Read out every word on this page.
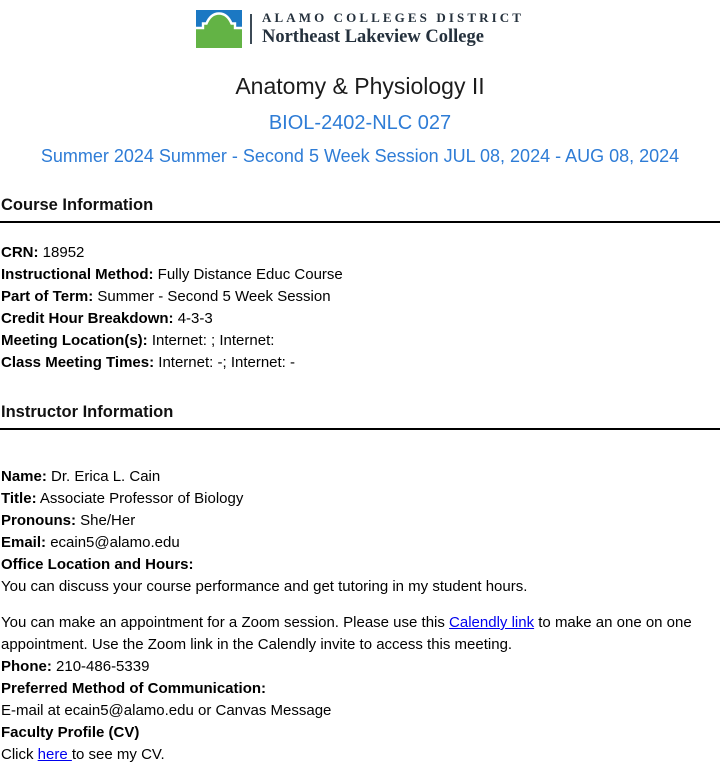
ALAMO COLLEGES DISTRICT
Northeast Lakeview College
Anatomy & Physiology II
BIOL-2402-NLC 027
Summer 2024 Summer - Second 5 Week Session JUL 08, 2024 - AUG 08, 2024
Course Information
CRN: 18952
Instructional Method: Fully Distance Educ Course
Part of Term: Summer - Second 5 Week Session
Credit Hour Breakdown: 4-3-3
Meeting Location(s): Internet: ; Internet:
Class Meeting Times: Internet: -; Internet: -
Instructor Information
Name: Dr. Erica L. Cain
Title: Associate Professor of Biology
Pronouns: She/Her
Email: ecain5@alamo.edu
Office Location and Hours:
You can discuss your course performance and get tutoring in my student hours.
You can make an appointment for a Zoom session. Please use this Calendly link to make an one on one appointment. Use the Zoom link in the Calendly invite to access this meeting.
Phone: 210-486-5339
Preferred Method of Communication:
E-mail at ecain5@alamo.edu or Canvas Message
Faculty Profile (CV)
Click here to see my CV.
